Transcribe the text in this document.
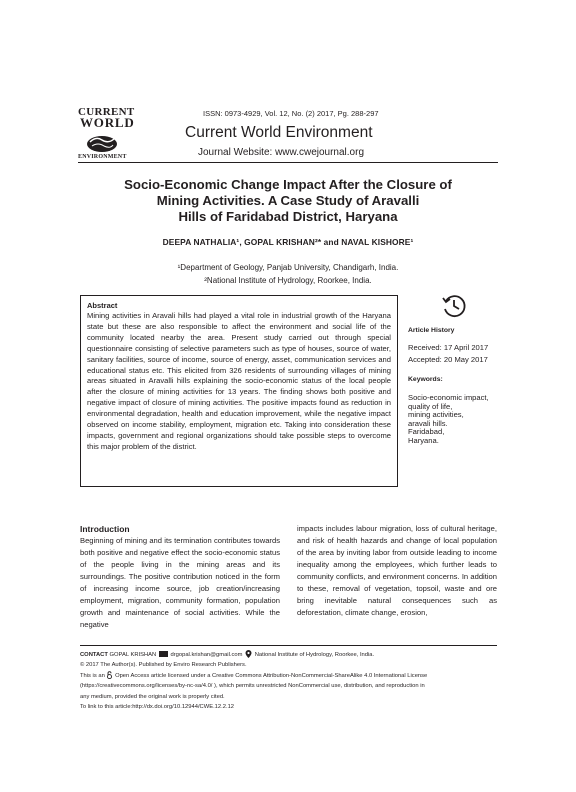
CURRENT
WORLD
ENVIRONMENT
ISSN: 0973-4929, Vol. 12, No. (2) 2017, Pg. 288-297
Current World Environment
Journal Website: www.cwejournal.org
Socio-Economic Change Impact After the Closure of
Mining Activities. A Case Study of Aravalli
Hills of Faridabad District, Haryana
DEEPA NATHALIA¹, GOPAL KRISHAN²* and NAVAL KISHORE¹
¹Department of Geology, Panjab University, Chandigarh, India.
²National Institute of Hydrology, Roorkee, India.
Abstract
Mining activities in Aravali hills had played a vital role in industrial growth of the Haryana state but these are also responsible to affect the environment and social life of the community located nearby the area. Present study carried out through special questionnaire consisting of selective parameters such as type of houses, source of water, sanitary facilities, source of income, source of energy, asset, communication services and educational status etc. This elicited from 326 residents of surrounding villages of mining areas situated in Aravalli hills explaining the socio-economic status of the local people after the closure of mining activities for 13 years. The finding shows both positive and negative impact of closure of mining activities. The positive impacts found as reduction in environmental degradation, health and education improvement, while the negative impact observed on income stability, employment, migration etc. Taking into consideration these impacts, government and regional organizations should take possible steps to overcome this major problem of the district.
Article History
Received: 17 April 2017
Accepted: 20 May 2017
Keywords:
Socio-economic impact,
quality of life,
mining activities,
aravali hills.
Faridabad,
Haryana.
Introduction
Beginning of mining and its termination contributes towards both positive and negative effect the socio-economic status of the people living in the mining areas and its surroundings. The positive contribution noticed in the form of increasing income source, job creation/increasing employment, migration, community formation, population growth and maintenance of social activities. While the negative
impacts includes labour migration, loss of cultural heritage, and risk of health hazards and change of local population of the area by inviting labor from outside leading to income inequality among the employees, which further leads to community conflicts, and environment concerns. In addition to these, removal of vegetation, topsoil, waste and ore bring inevitable natural consequences such as deforestation, climate change, erosion,
CONTACT GOPAL KRISHAN drgopal.krishan@gmail.com National Institute of Hydrology, Roorkee, India.
© 2017 The Author(s). Published by Enviro Research Publishers.
This is an Open Access article licensed under a Creative Commons Attribution-NonCommercial-ShareAlike 4.0 International License
(https://creativecommons.org/licenses/by-nc-sa/4.0/ ), which permits unrestricted NonCommercial use, distribution, and reproduction in
any medium, provided the original work is properly cited.
To link to this article:http://dx.doi.org/10.12944/CWE.12.2.12
